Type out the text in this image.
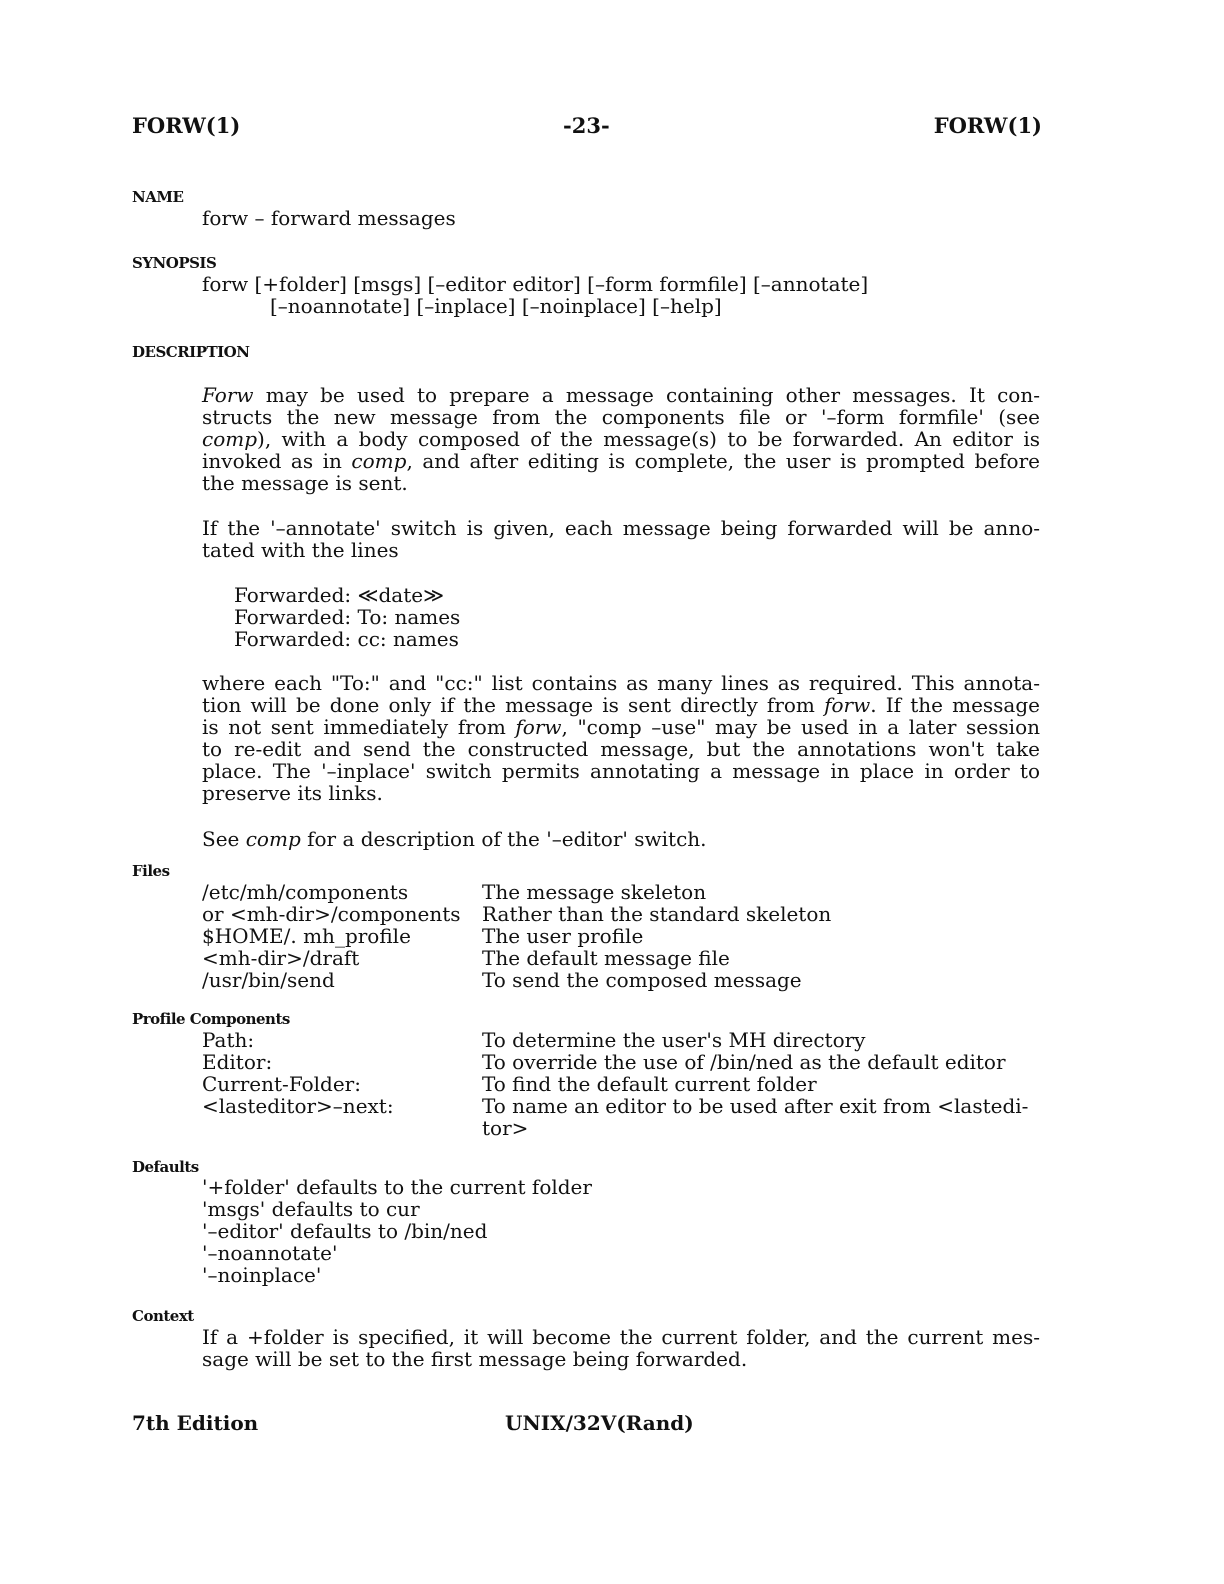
FORW(1)	-23-	FORW(1)
NAME
forw – forward messages
SYNOPSIS
forw [+folder] [msgs] [–editor editor] [–form formfile] [–annotate]
[–noannotate] [–inplace] [–noinplace] [–help]
DESCRIPTION
Forw may be used to prepare a message containing other messages. It con-
structs the new message from the components file or '–form formfile' (see
comp), with a body composed of the message(s) to be forwarded. An editor is
invoked as in comp, and after editing is complete, the user is prompted before
the message is sent.
If the '–annotate' switch is given, each message being forwarded will be anno-
tated with the lines
Forwarded: ≪date≫
Forwarded: To: names
Forwarded: cc: names
where each "To:" and "cc:" list contains as many lines as required. This annota-
tion will be done only if the message is sent directly from forw. If the message
is not sent immediately from forw, "comp –use" may be used in a later session
to re-edit and send the constructed message, but the annotations won't take
place. The '–inplace' switch permits annotating a message in place in order to
preserve its links.
See comp for a description of the '–editor' switch.
Files
/etc/mh/components	The message skeleton
or <mh-dir>/components Rather than the standard skeleton
$HOME/. mh_profile	The user profile
<mh-dir>/draft	The default message file
/usr/bin/send	To send the composed message
Profile Components
Path:	To determine the user's MH directory
Editor:	To override the use of /bin/ned as the default editor
Current-Folder:	To find the default current folder
<lasteditor>–next:	To name an editor to be used after exit from <lastedi-
tor>
Defaults
'+folder' defaults to the current folder
'msgs' defaults to cur
'–editor' defaults to /bin/ned
'–noannotate'
'–noinplace'
Context
If a +folder is specified, it will become the current folder, and the current mes-
sage will be set to the first message being forwarded.
7th Edition	UNIX/32V(Rand)
